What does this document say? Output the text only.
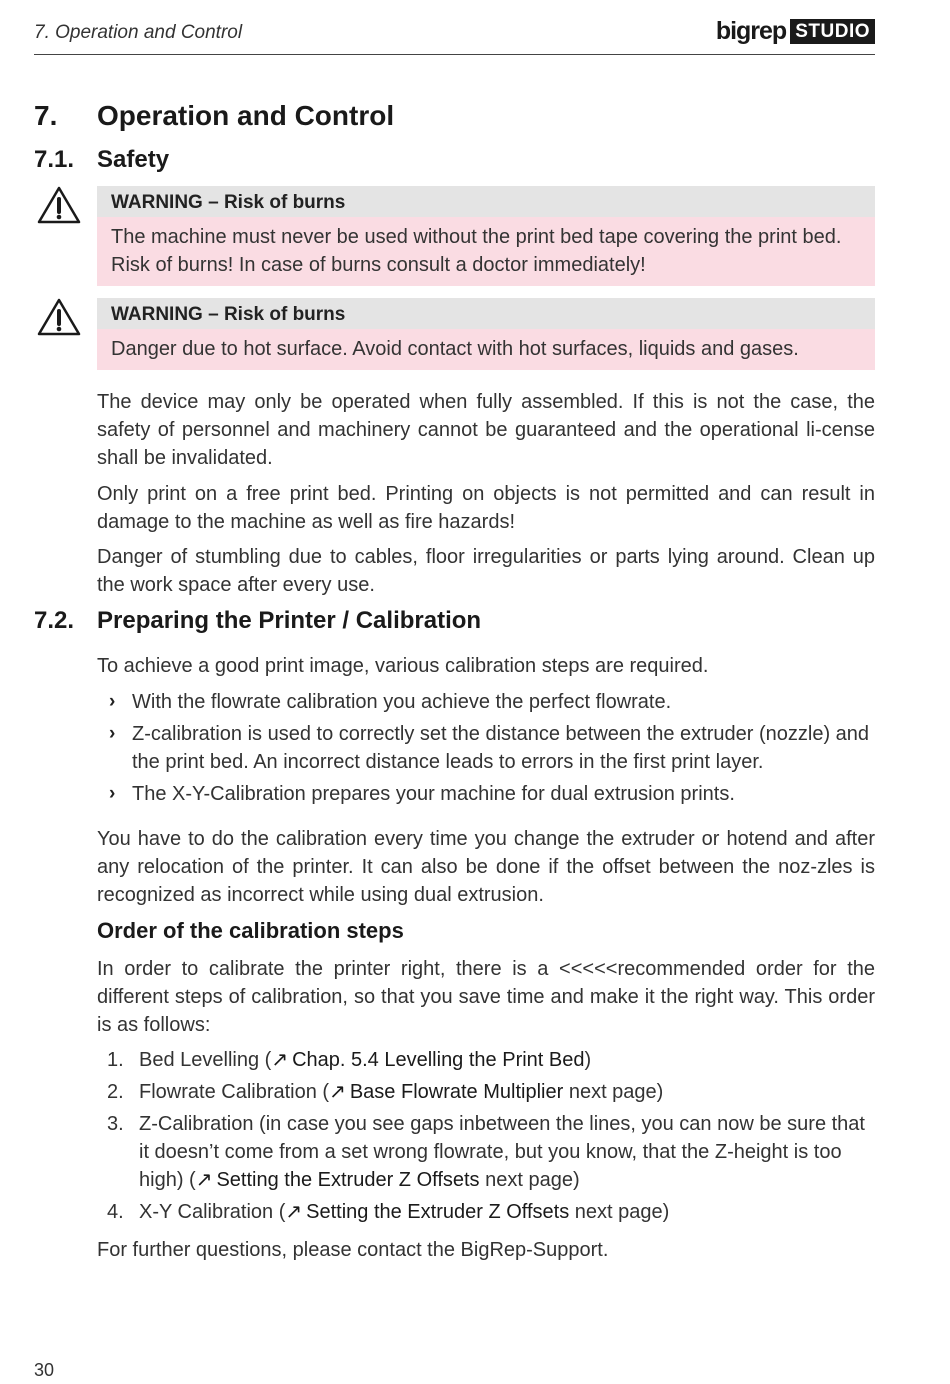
7. Operation and Control	bigrep STUDIO
7. Operation and Control
7.1. Safety
WARNING – Risk of burns
The machine must never be used without the print bed tape covering the print bed. Risk of burns! In case of burns consult a doctor immediately!
WARNING – Risk of burns
Danger due to hot surface. Avoid contact with hot surfaces, liquids and gases.

The device may only be operated when fully assembled. If this is not the case, the safety of personnel and machinery cannot be guaranteed and the operational li-cense shall be invalidated.

Only print on a free print bed. Printing on objects is not permitted and can result in damage to the machine as well as fire hazards!

Danger of stumbling due to cables, floor irregularities or parts lying around. Clean up the work space after every use.

7.2. Preparing the Printer / Calibration

To achieve a good print image, various calibration steps are required.

› With the flowrate calibration you achieve the perfect flowrate.
› Z-calibration is used to correctly set the distance between the extruder (nozzle) and the print bed. An incorrect distance leads to errors in the first print layer.
› The X-Y-Calibration prepares your machine for dual extrusion prints.

You have to do the calibration every time you change the extruder or hotend and after any relocation of the printer. It can also be done if the offset between the noz-zles is recognized as incorrect while using dual extrusion.

Order of the calibration steps

In order to calibrate the printer right, there is a <<<<<recommended order for the different steps of calibration, so that you save time and make it the right way. This order is as follows:

1. Bed Levelling (↗ Chap. 5.4 Levelling the Print Bed)
2. Flowrate Calibration (↗ Base Flowrate Multiplier next page)
3. Z-Calibration (in case you see gaps inbetween the lines, you can now be sure that it doesn’t come from a set wrong flowrate, but you know, that the Z-height is too high) (↗ Setting the Extruder Z Offsets next page)
4. X-Y Calibration (↗ Setting the Extruder Z Offsets next page)

For further questions, please contact the BigRep-Support.

30
